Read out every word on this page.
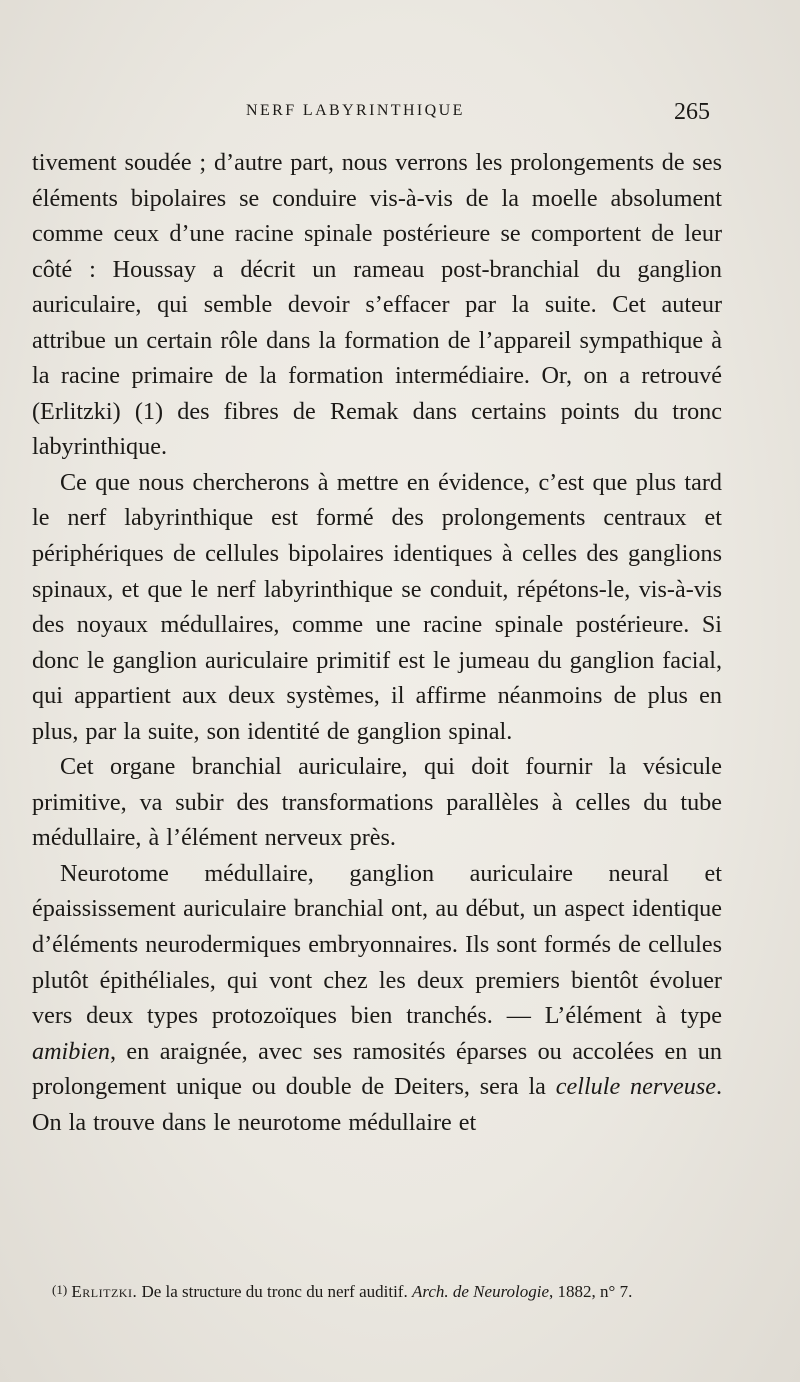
NERF LABYRINTHIQUE	265

tivement soudée ; d’autre part, nous verrons les prolongements de ses éléments bipolaires se conduire vis-à-vis de la moelle absolument comme ceux d’une racine spinale postérieure se comportent de leur côté : Houssay a décrit un rameau post-branchial du ganglion auriculaire, qui semble devoir s’effacer par la suite. Cet auteur attribue un certain rôle dans la formation de l’appareil sympathique à la racine primaire de la formation intermédiaire. Or, on a retrouvé (Erlitzki) (1) des fibres de Remak dans certains points du tronc labyrinthique.

Ce que nous chercherons à mettre en évidence, c’est que plus tard le nerf labyrinthique est formé des prolongements centraux et périphériques de cellules bipolaires identiques à celles des ganglions spinaux, et que le nerf labyrinthique se conduit, répétons-le, vis-à-vis des noyaux médullaires, comme une racine spinale postérieure. Si donc le ganglion auriculaire primitif est le jumeau du ganglion facial, qui appartient aux deux systèmes, il affirme néanmoins de plus en plus, par la suite, son identité de ganglion spinal.

Cet organe branchial auriculaire, qui doit fournir la vésicule primitive, va subir des transformations parallèles à celles du tube médullaire, à l’élément nerveux près.

Neurotome médullaire, ganglion auriculaire neural et épaississement auriculaire branchial ont, au début, un aspect identique d’éléments neurodermiques embryonnaires. Ils sont formés de cellules plutôt épithéliales, qui vont chez les deux premiers bientôt évoluer vers deux types protozoïques bien tranchés. — L’élément à type amibien, en araignée, avec ses ramosités éparses ou accolées en un prolongement unique ou double de Deiters, sera la cellule nerveuse. On la trouve dans le neurotome médullaire et

(1) Erlitzki. De la structure du tronc du nerf auditif. Arch. de Neurologie, 1882, n° 7.
